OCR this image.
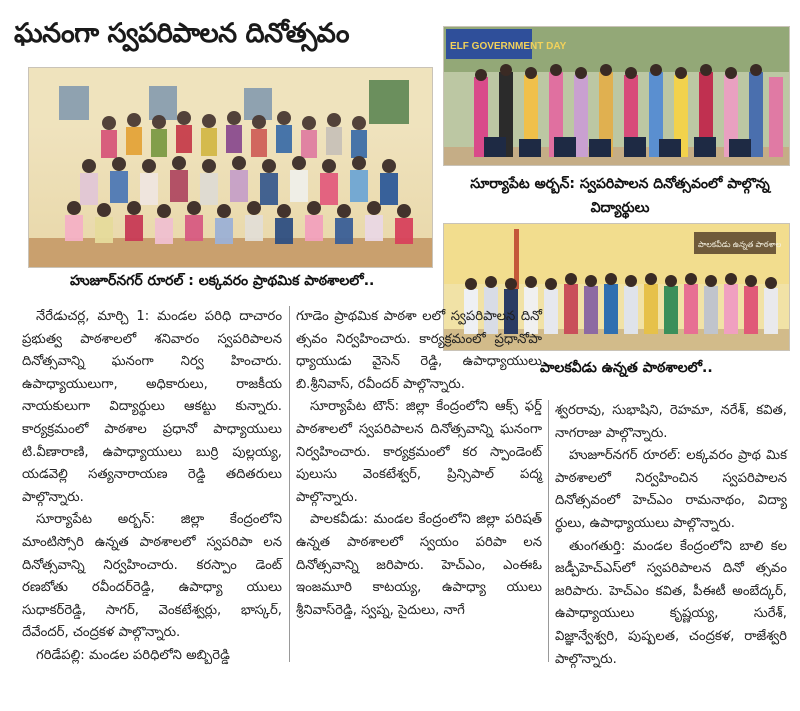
ఘనంగా స్వపరిపాలన దినోత్సవం	ELF GOVERNMENT DAY
సూర్యాపేట అర్బన్: స్వపరిపాలన దినోత్సవంలో పాల్గొన్న విద్యార్థులు
పాలకవీడు ఉన్నత పాఠశాల
హుజూర్‌నగర్ రూరల్ : లక్కవరం ప్రాథమిక పాఠశాలలో..
పాలకవీడు ఉన్నత పాఠశాలలో..

నేరేడుచర్ల, మార్చి 1: మండల పరిధి దాచారం ప్రభుత్వ పాఠశాలలో శనివారం స్వపరిపాలన దినోత్సవాన్ని ఘనంగా నిర్వ హించారు. ఉపాధ్యాయులుగా, అధికారులు, రాజకీయ నాయకులుగా విద్యార్థులు ఆకట్టు కున్నారు. కార్యక్రమంలో పాఠశాల ప్రధానో పాధ్యాయులు టి.వీణారాణి, ఉపాధ్యాయులు బుర్రి పుల్లయ్య, యడవెల్లి సత్యనారాయణ రెడ్డి తదితరులు పాల్గొన్నారు.

సూర్యాపేట అర్బన్: జిల్లా కేంద్రంలోని మాంటిస్సోరి ఉన్నత పాఠశాలలో స్వపరిపా లన దినోత్సవాన్ని నిర్వహించారు. కరస్పాం డెంట్ రణబోతు రవీందర్‌రెడ్డి, ఉపాధ్యా యులు సుధాకర్‌రెడ్డి, సాగర్, వెంకటేశ్వర్లు, భాస్కర్, దేవేందర్, చంద్రకళ పాల్గొన్నారు.

గరిడేపల్లి: మండల పరిధిలోని అబ్బిరెడ్డి

గూడెం ప్రాథమిక పాఠశా లలో స్వపరిపాలన దినో త్సవం నిర్వహించారు. కార్యక్రమంలో ప్రధానోపా ధ్యాయుడు వైసెన్ రెడ్డి, ఉపాధ్యాయులు బి.శ్రీనివాస్, రవీందర్ పాల్గొన్నారు.

సూర్యాపేట టౌన్: జిల్లా కేంద్రంలోని ఆక్స్ ఫర్డ్ పాఠశాలలో స్వపరిపాలన దినోత్సవాన్ని ఘనంగా నిర్వహించారు. కార్యక్రమంలో కర స్పాండెంట్ పులుసు వెంకటేశ్వర్, ప్రిన్సిపాల్ పద్మ పాల్గొన్నారు.

పాలకవీడు: మండల కేంద్రంలోని జిల్లా పరిషత్ ఉన్నత పాఠశాలలో స్వయం పరిపా లన దినోత్సవాన్ని జరిపారు. హెచ్ఎం, ఎంఈఓ ఇంజమూరి కాటయ్య, ఉపాధ్యా యులు శ్రీనివాస్‌రెడ్డి, స్వప్న, సైదులు, నాగే

శ్వరరావు, సుభాషిని, రెహమా, నరేశ్, కవిత, నాగరాజు పాల్గొన్నారు.

హుజూర్‌నగర్ రూరల్: లక్కవరం ప్రాథ మిక పాఠశాలలో నిర్వహించిన స్వపరిపాలన దినోత్సవంలో హెచ్ఎం రామనాథం, విద్యా ర్థులు, ఉపాధ్యాయులు పాల్గొన్నారు.

తుంగతుర్తి: మండల కేంద్రంలోని బాలి కల జడ్పీహెచ్ఎస్‌లో స్వపరిపాలన దినో త్సవం జరిపారు. హెచ్ఎం కవిత, పీఈటీ అంబేద్కర్, ఉపాధ్యాయులు కృష్ణయ్య, సురేశ్, విజ్ఞాన్వేశ్వరి, పుష్పలత, చంద్రకళ, రాజేశ్వరి పాల్గొన్నారు.
